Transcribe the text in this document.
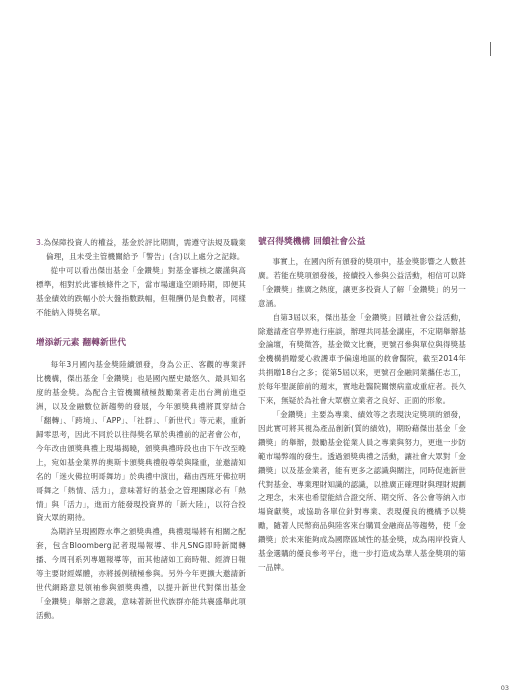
3.為保障投資人的權益，基金於評比期間，需遵守法規及職業倫理，且未受主管機關給予「警告」(含)以上處分之記錄。

從中可以看出傑出基金「金鑽獎」對基金審核之嚴謹與高標準，相對於此審核條件之下，當市場適逢空頭時期，即便其基金績效的跌幅小於大盤指數跌幅，但報酬仍是負數者，同樣不能納入得獎名單。

增添新元素 翻轉新世代

每年3月國內基金獎陸續頒發，身為公正、客觀的專業評比機構，傑出基金「金鑽獎」也是國內歷史最悠久、最具知名度的基金獎。為配合主管機關積極鼓勵業者走出台灣前進亞洲，以及金融數位新趨勢的發展，今年頒獎典禮將貫穿結合「翻轉」、「跨境」、「APP」、「社群」、「新世代」等元素，重新歸零思考，因此不同於以往得獎名單於典禮前的記者會公布，今年改由頒獎典禮上現場揭曉，頒獎典禮時段也由下午改至晚上，宛如基金業界的奧斯卡頒獎典禮般尊榮與隆重，並邀請知名的「迷火佛拉明哥舞坊」於典禮中演出，藉由西班牙佛拉明哥舞之「熱情、活力」，意味著好的基金之管理團隊必有「熱情」與「活力」，進而方能發現投資界的「新大陸」，以符合投資大眾的期待。

為期許呈現國際水準之頒獎典禮，典禮現場將有相關之配套，包含Bloomberg記者現場報導、非凡SNG即時新聞轉播、今周刊系列專題報導等，而其他諸如工商時報、經濟日報等主要財經媒體，亦將援例積極參與。另外今年更擴大邀請新世代網路意見領袖參與頒獎典禮，以提升新世代對傑出基金「金鑽獎」舉辦之意義，意味著新世代族群亦能共襄盛舉此項活動。

號召得獎機構 回饋社會公益

事實上，在國內所有頒發的獎項中，基金獎影響之人數甚廣。若能在獎項頒發後，接續投入參與公益活動，相信可以降「金鑽獎」推廣之熱度，讓更多投資人了解「金鑽獎」的另一意涵。

自第3屆以來，傑出基金「金鑽獎」回饋社會公益活動，除邀請產官學界進行座談，辦理共同基金講座，不定期舉辦基金論壇，有獎徵答，基金徵文比賽，更號召參與單位與得獎基金機構捐贈愛心救護車予偏遠地區的救會醫院，截至2014年共捐贈18台之多；從第5屆以來，更號召金融同業攜任志工，於每年聖誕節前的週末，實地赴醫院關懷病童或重症者。長久下來，無疑於為社會大眾樹立業者之良好、正面的形象。

「金鑽獎」主要為專業、績效等之表現決定獎項的頒發，因此實可將其視為產品創新(質的績效)，期盼藉傑出基金「金鑽獎」的舉辦，鼓勵基金從業人員之專業與努力，更進一步防範市場弊端的發生。透過頒獎典禮之活動，讓社會大眾對「金鑽獎」以及基金業者，能有更多之認識與關注，同時促進新世代對基金、專業理財知識的認識，以推廣正確理財與理財規劃之理念，未來也希望能結合證交所、期交所、各公會等納入市場資獻獎，或協助各單位針對專業、表現優良的機構予以獎勵，隨著人民幣商品與陸客來台購買金融商品等趨勢，使「金鑽獎」於未來能夠成為國際區域性的基金獎，成為兩岸投資人基金選購的優良參考平台，進一步打造成為華人基金獎項的第一品牌。

03
